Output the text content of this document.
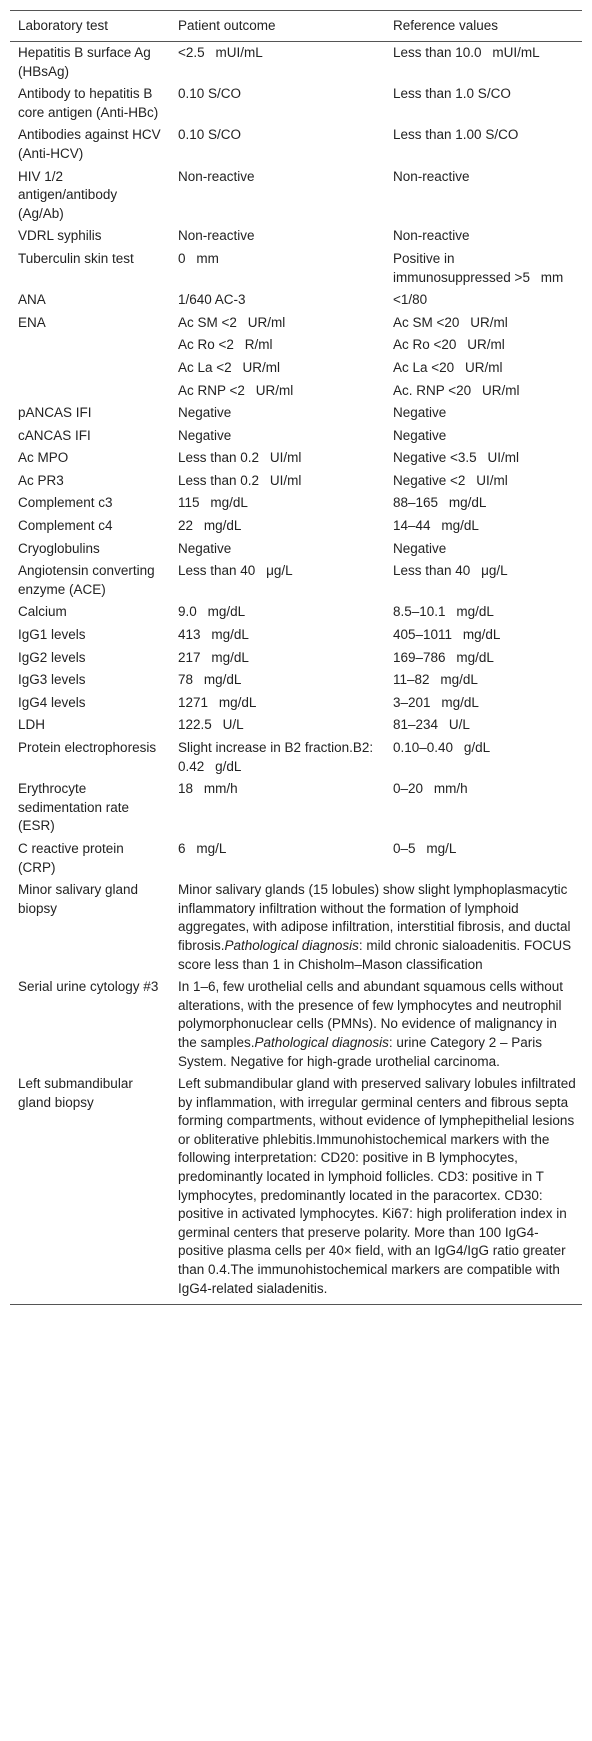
Laboratory test	Patient outcome	Reference values
Hepatitis B surface Ag (HBsAg)	<2.5    mUI/mL	Less than 10.0    mUI/mL
Antibody to hepatitis B core antigen (Anti-HBc)	0.10 S/CO	Less than 1.0 S/CO
Antibodies against HCV (Anti-HCV)	0.10 S/CO	Less than 1.00 S/CO
HIV 1/2 antigen/antibody (Ag/Ab)	Non-reactive	Non-reactive
VDRL syphilis	Non-reactive	Non-reactive
Tuberculin skin test	0    mm	Positive in immunosuppressed >5    mm
ANA	1/640 AC-3	<1/80
ENA	Ac SM <2    UR/ml	Ac SM <20    UR/ml
	Ac Ro <2    R/ml	Ac Ro <20    UR/ml
	Ac La <2    UR/ml	Ac La <20    UR/ml
	Ac RNP <2    UR/ml	Ac. RNP <20    UR/ml
pANCAS IFI	Negative	Negative
cANCAS IFI	Negative	Negative
Ac MPO	Less than 0.2    UI/ml	Negative <3.5    UI/ml
Ac PR3	Less than 0.2    UI/ml	Negative <2    UI/ml
Complement c3	115    mg/dL	88–165    mg/dL
Complement c4	22    mg/dL	14–44    mg/dL
Cryoglobulins	Negative	Negative
Angiotensin converting enzyme (ACE)	Less than 40    μg/L	Less than 40    μg/L
Calcium	9.0    mg/dL	8.5–10.1    mg/dL
IgG1 levels	413    mg/dL	405–1011    mg/dL
IgG2 levels	217    mg/dL	169–786    mg/dL
IgG3 levels	78    mg/dL	11–82    mg/dL
IgG4 levels	1271    mg/dL	3–201    mg/dL
LDH	122.5    U/L	81–234    U/L
Protein electrophoresis	Slight increase in B2 fraction.B2: 0.42    g/dL	0.10–0.40    g/dL
Erythrocyte sedimentation rate (ESR)	18    mm/h	0–20    mm/h
C reactive protein (CRP)	6    mg/L	0–5    mg/L
Minor salivary gland biopsy	Minor salivary glands (15 lobules) show slight lymphoplasmacytic inflammatory infiltration without the formation of lymphoid aggregates, with adipose infiltration, interstitial fibrosis, and ductal fibrosis.Pathological diagnosis: mild chronic sialoadenitis. FOCUS score less than 1 in Chisholm–Mason classification	
Serial urine cytology #3	In 1–6, few urothelial cells and abundant squamous cells without alterations, with the presence of few lymphocytes and neutrophil polymorphonuclear cells (PMNs). No evidence of malignancy in the samples.Pathological diagnosis: urine Category 2 – Paris System. Negative for high-grade urothelial carcinoma.	
Left submandibular gland biopsy	Left submandibular gland with preserved salivary lobules infiltrated by inflammation, with irregular germinal centers and fibrous septa forming compartments, without evidence of lymphepithelial lesions or obliterative phlebitis.Immunohistochemical markers with the following interpretation: CD20: positive in B lymphocytes, predominantly located in lymphoid follicles. CD3: positive in T lymphocytes, predominantly located in the paracortex. CD30: positive in activated lymphocytes. Ki67: high proliferation index in germinal centers that preserve polarity. More than 100 IgG4-positive plasma cells per 40× field, with an IgG4/IgG ratio greater than 0.4.The immunohistochemical markers are compatible with IgG4-related sialadenitis.	
